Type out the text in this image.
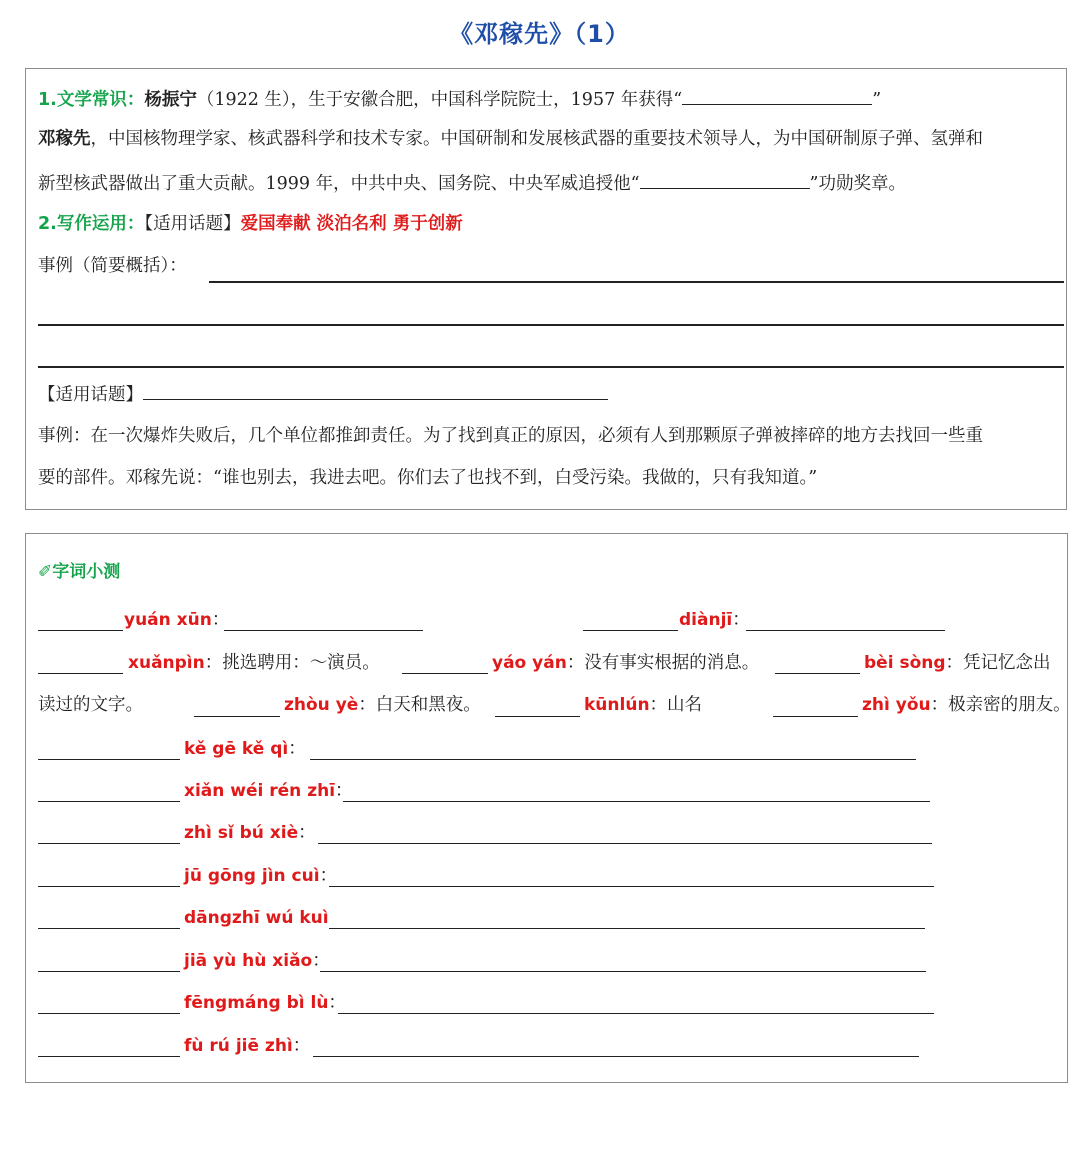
《邓稼先》（1）
1.文学常识：杨振宁（1922 生），生于安徽合肥，中国科学院院士，1957 年获得“	”
邓稼先，中国核物理学家、核武器科学和技术专家。中国研制和发展核武器的重要技术领导人，为中国研制原子弹、氢弹和
新型核武器做出了重大贡献。1999 年，中共中央、国务院、中央军威追授他“	”功勋奖章。
2.写作运用：【适用话题】爱国奉献 淡泊名利 勇于创新
事例（简要概括）：
【适用话题】
事例：在一次爆炸失败后，几个单位都推卸责任。为了找到真正的原因，必须有人到那颗原子弹被摔碎的地方去找回一些重
要的部件。邓稼先说：“谁也别去，我进去吧。你们去了也找不到，白受污染。我做的，只有我知道。”
✐字词小测
yuán xūn：	diànjī：
xuǎnpìn：挑选聘用：～演员。	yáo yán：没有事实根据的消息。	bèi sòng：凭记忆念出
读过的文字。	zhòu yè：白天和黑夜。	kūnlún：山名	zhì yǒu：极亲密的朋友。
kě gē kě qì：
xiǎn wéi rén zhī：
zhì sǐ bú xiè：
jū gōng jìn cuì：
dāngzhī wú kuì
jiā yù hù xiǎo：
fēngmáng bì lù：
fù rú jiē zhì：
